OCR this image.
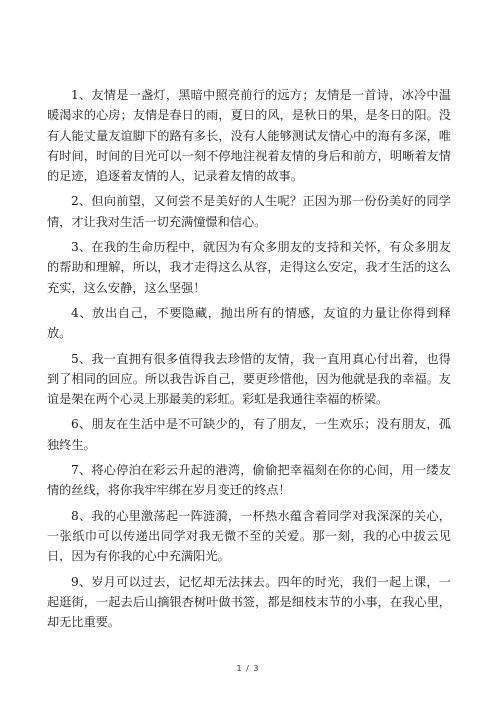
1、友情是一盏灯，黑暗中照亮前行的远方；友情是一首诗，冰冷中温暖渴求的心房；友情是春日的雨，夏日的风，是秋日的果，是冬日的阳。没有人能丈量友谊脚下的路有多长，没有人能够测试友情心中的海有多深，唯有时间，时间的目光可以一刻不停地注视着友情的身后和前方，明晰着友情的足迹，追逐着友情的人，记录着友情的故事。

2、但向前望，又何尝不是美好的人生呢？正因为那一份份美好的同学情，才让我对生活一切充满憧憬和信心。

3、在我的生命历程中，就因为有众多朋友的支持和关怀，有众多朋友的帮助和理解，所以，我才走得这么从容，走得这么安定，我才生活的这么充实，这么安静，这么坚强！

4、放出自己，不要隐藏，抛出所有的情感，友谊的力量让你得到释放。

5、我一直拥有很多值得我去珍惜的友情，我一直用真心付出着，也得到了相同的回应。所以我告诉自己，要更珍惜他，因为他就是我的幸福。友谊是架在两个心灵上那最美的彩虹。彩虹是我通往幸福的桥梁。

6、朋友在生活中是不可缺少的，有了朋友，一生欢乐；没有朋友，孤独终生。

7、将心停泊在彩云升起的港湾，偷偷把幸福刻在你的心间，用一缕友情的丝线，将你我牢牢绑在岁月变迁的终点！

8、我的心里激荡起一阵涟漪，一杯热水蕴含着同学对我深深的关心，一张纸巾可以传递出同学对我无微不至的关爱。那一刻，我的心中拔云见日，因为有你我的心中充满阳光。

9、岁月可以过去，记忆却无法抹去。四年的时光，我们一起上课，一起逛街，一起去后山摘银杏树叶做书签，都是细枝末节的小事，在我心里，却无比重要。

1 / 3
